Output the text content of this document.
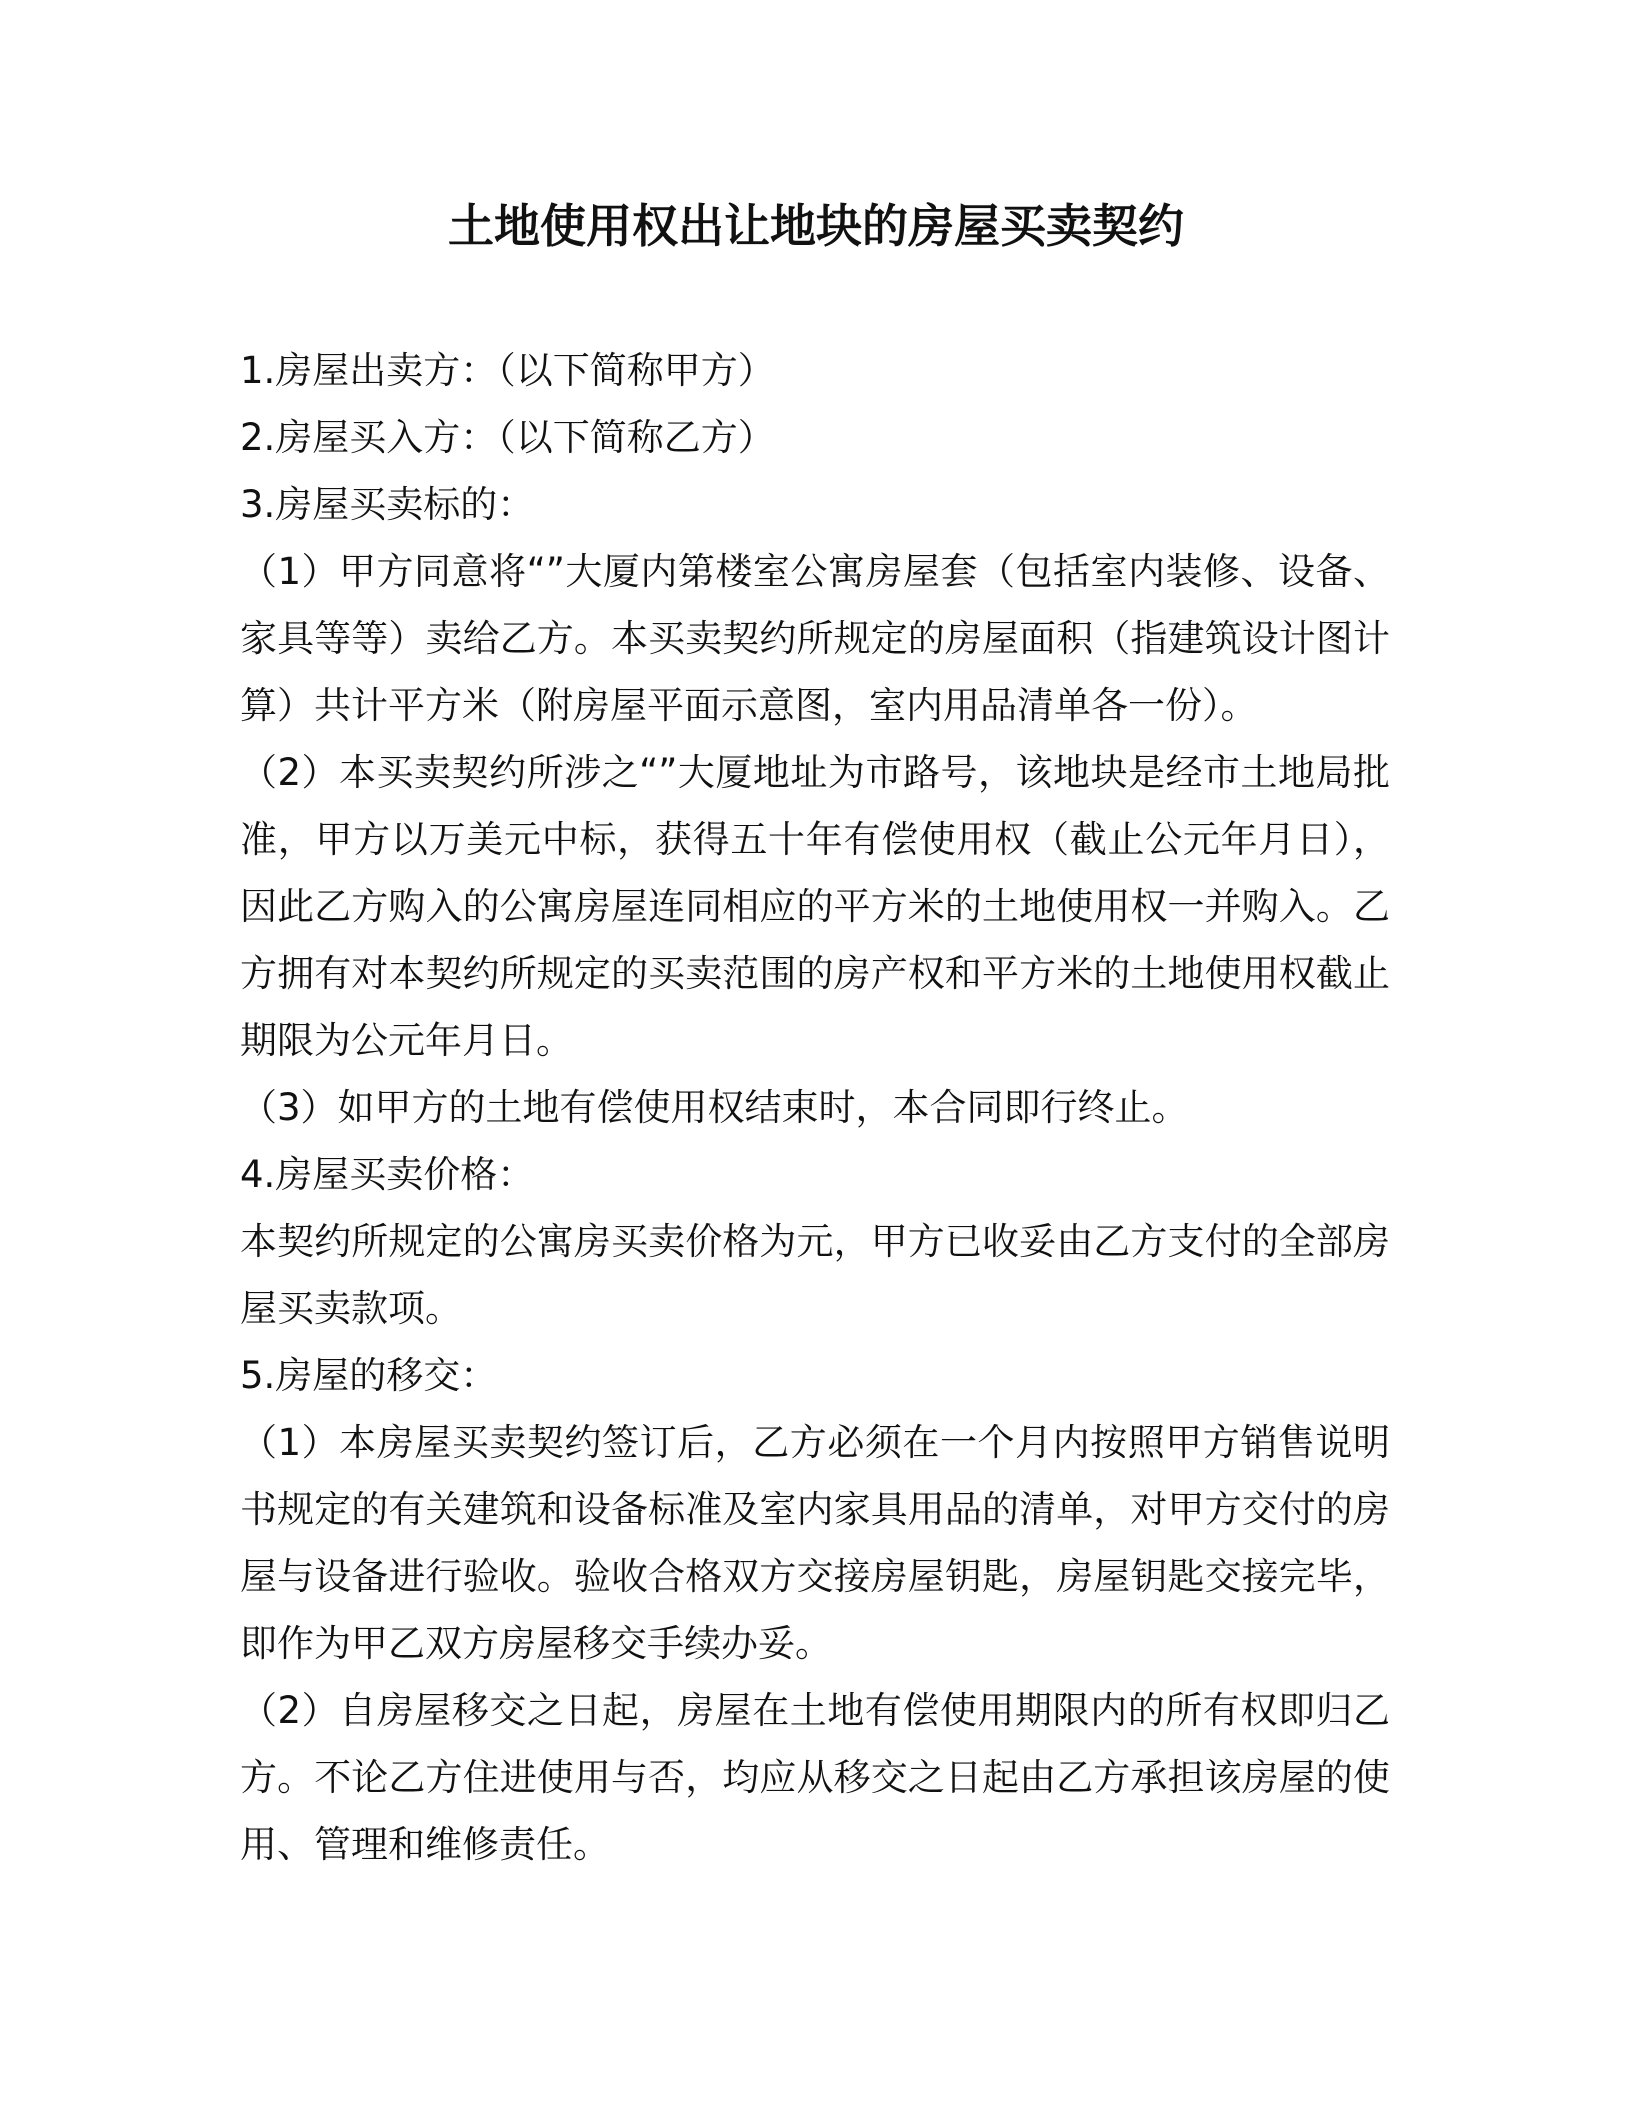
土地使用权出让地块的房屋买卖契约

1.房屋出卖方：（以下简称甲方）

2.房屋买入方：（以下简称乙方）

3.房屋买卖标的：

（1）甲方同意将“”大厦内第楼室公寓房屋套（包括室内装修、设备、家具等等）卖给乙方。本买卖契约所规定的房屋面积（指建筑设计图计算）共计平方米（附房屋平面示意图，室内用品清单各一份）。

（2）本买卖契约所涉之“”大厦地址为市路号，该地块是经市土地局批准，甲方以万美元中标，获得五十年有偿使用权（截止公元年月日），因此乙方购入的公寓房屋连同相应的平方米的土地使用权一并购入。乙方拥有对本契约所规定的买卖范围的房产权和平方米的土地使用权截止期限为公元年月日。

（3）如甲方的土地有偿使用权结束时，本合同即行终止。

4.房屋买卖价格：

本契约所规定的公寓房买卖价格为元，甲方已收妥由乙方支付的全部房屋买卖款项。

5.房屋的移交：

（1）本房屋买卖契约签订后，乙方必须在一个月内按照甲方销售说明书规定的有关建筑和设备标准及室内家具用品的清单，对甲方交付的房屋与设备进行验收。验收合格双方交接房屋钥匙，房屋钥匙交接完毕，即作为甲乙双方房屋移交手续办妥。

（2）自房屋移交之日起，房屋在土地有偿使用期限内的所有权即归乙方。不论乙方住进使用与否，均应从移交之日起由乙方承担该房屋的使用、管理和维修责任。
